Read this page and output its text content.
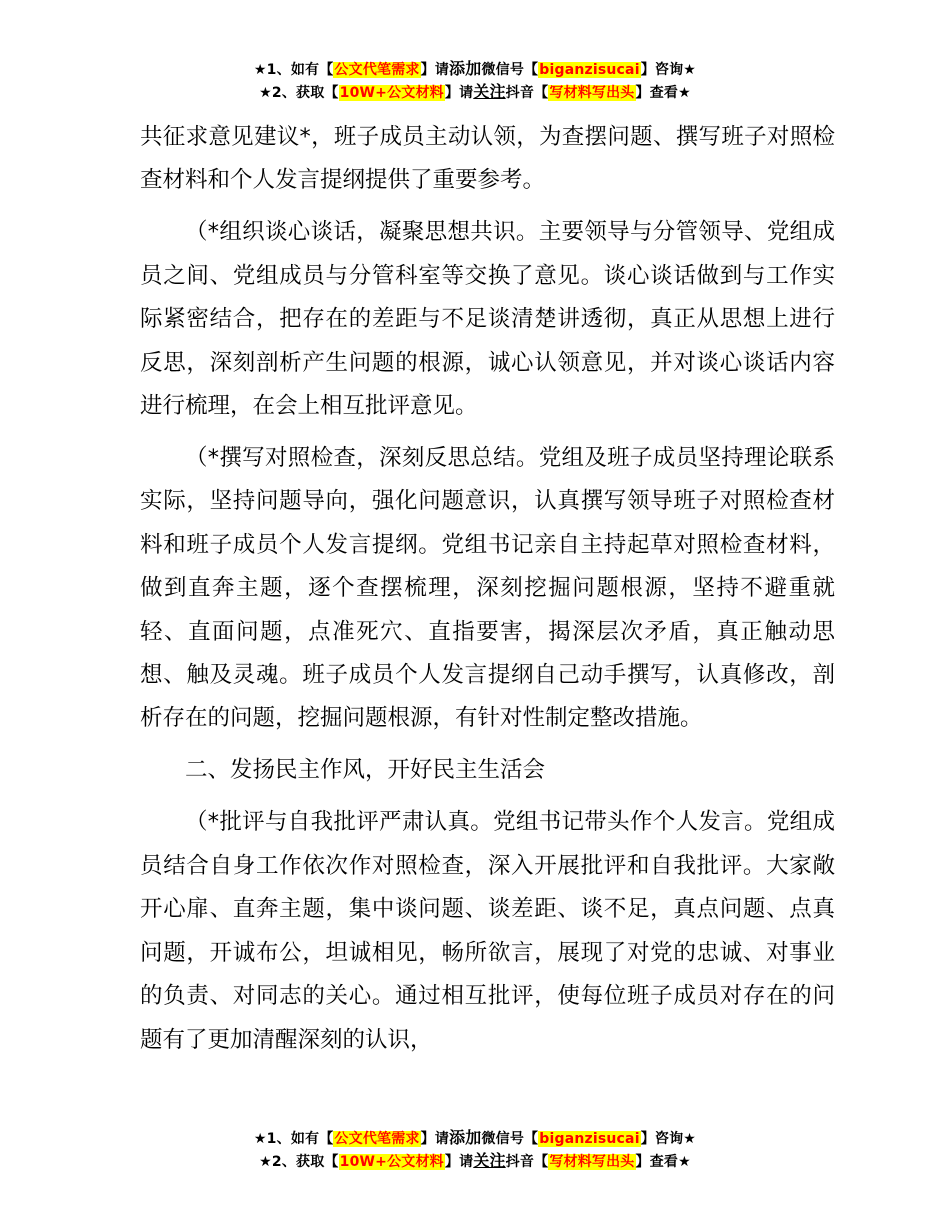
★1、如有【公文代笔需求】请添加微信号【biganzisucai】咨询★
★2、获取【10W+公文材料】请关注抖音【写材料写出头】查看★

共征求意见建议*，班子成员主动认领，为查摆问题、撰写班子对照检查材料和个人发言提纲提供了重要参考。

（*组织谈心谈话，凝聚思想共识。主要领导与分管领导、党组成员之间、党组成员与分管科室等交换了意见。谈心谈话做到与工作实际紧密结合，把存在的差距与不足谈清楚讲透彻，真正从思想上进行反思，深刻剖析产生问题的根源，诚心认领意见，并对谈心谈话内容进行梳理，在会上相互批评意见。

（*撰写对照检查，深刻反思总结。党组及班子成员坚持理论联系实际，坚持问题导向，强化问题意识，认真撰写领导班子对照检查材料和班子成员个人发言提纲。党组书记亲自主持起草对照检查材料，做到直奔主题，逐个查摆梳理，深刻挖掘问题根源，坚持不避重就轻、直面问题，点准死穴、直指要害，揭深层次矛盾，真正触动思想、触及灵魂。班子成员个人发言提纲自己动手撰写，认真修改，剖析存在的问题，挖掘问题根源，有针对性制定整改措施。

二、发扬民主作风，开好民主生活会

（*批评与自我批评严肃认真。党组书记带头作个人发言。党组成员结合自身工作依次作对照检查，深入开展批评和自我批评。大家敞开心扉、直奔主题，集中谈问题、谈差距、谈不足，真点问题、点真问题，开诚布公，坦诚相见，畅所欲言，展现了对党的忠诚、对事业的负责、对同志的关心。通过相互批评，使每位班子成员对存在的问题有了更加清醒深刻的认识，

★1、如有【公文代笔需求】请添加微信号【biganzisucai】咨询★
★2、获取【10W+公文材料】请关注抖音【写材料写出头】查看★
